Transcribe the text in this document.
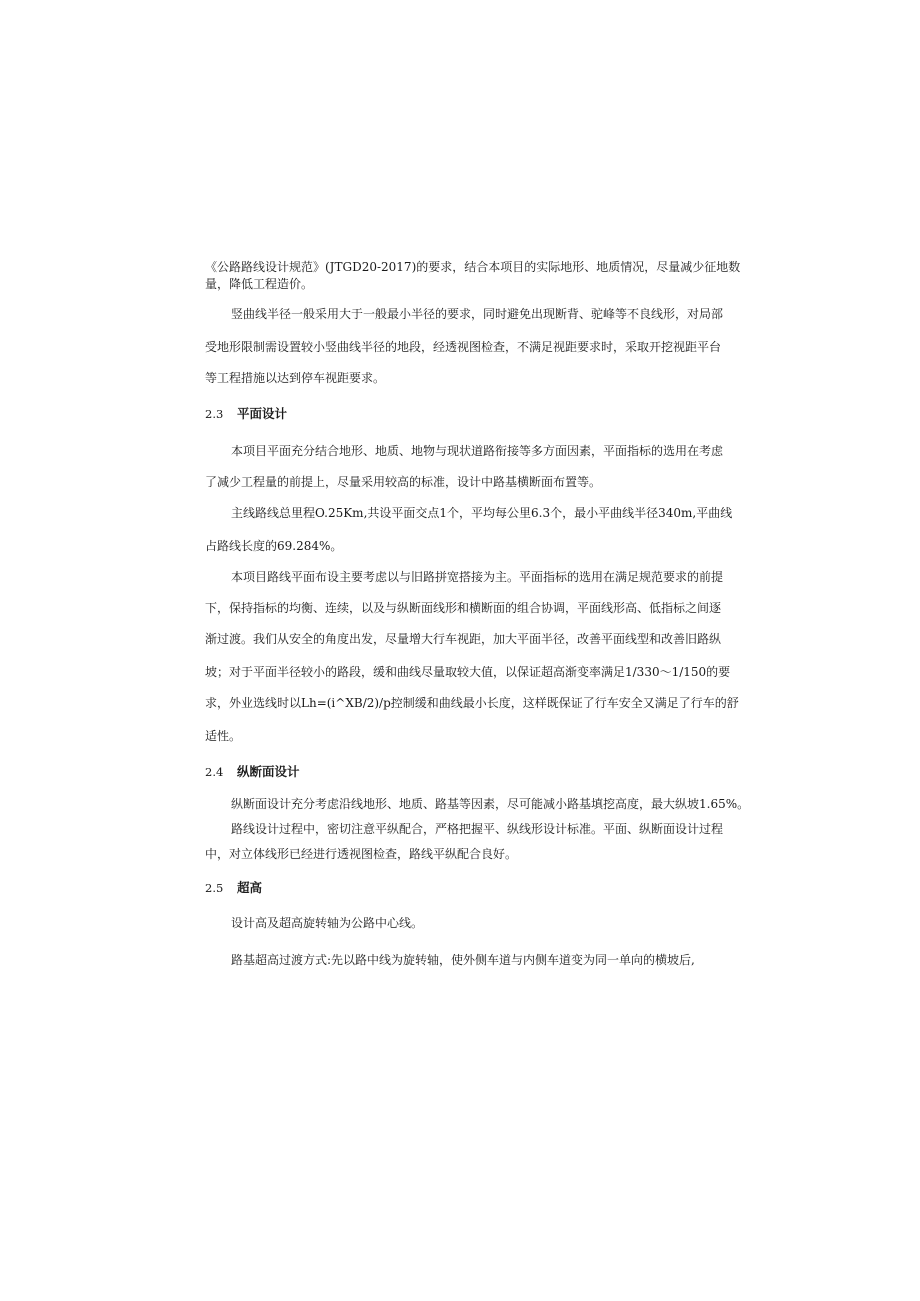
《公路路线设计规范》(JTGD20-2017)的要求，结合本项目的实际地形、地质情况，尽量减少征地数
量，降低工程造价。
竖曲线半径一般采用大于一般最小半径的要求，同时避免出现断背、驼峰等不良线形，对局部
受地形限制需设置较小竖曲线半径的地段，经透视图检查，不满足视距要求时，采取开挖视距平台
等工程措施以达到停车视距要求。
2.3 平面设计
本项目平面充分结合地形、地质、地物与现状道路衔接等多方面因素，平面指标的选用在考虑
了减少工程量的前提上，尽量采用较高的标准，设计中路基横断面布置等。
主线路线总里程O.25Km,共设平面交点1个，平均每公里6.3个，最小平曲线半径340m,平曲线
占路线长度的69.284%。
本项目路线平面布设主要考虑以与旧路拼宽搭接为主。平面指标的选用在满足规范要求的前提
下，保持指标的均衡、连续，以及与纵断面线形和横断面的组合协调，平面线形高、低指标之间逐
渐过渡。我们从安全的角度出发，尽量增大行车视距，加大平面半径，改善平面线型和改善旧路纵
坡；对于平面半径较小的路段，缓和曲线尽量取较大值，以保证超高渐变率满足1/330～1/150的要
求，外业选线时以Lh=(i^XB/2)/p控制缓和曲线最小长度，这样既保证了行车安全又满足了行车的舒
适性。
2.4 纵断面设计
纵断面设计充分考虑沿线地形、地质、路基等因素，尽可能减小路基填挖高度，最大纵坡1.65%。
路线设计过程中，密切注意平纵配合，严格把握平、纵线形设计标准。平面、纵断面设计过程
中，对立体线形已经进行透视图检查，路线平纵配合良好。
2.5 超高
设计高及超高旋转轴为公路中心线。
路基超高过渡方式:先以路中线为旋转轴，使外侧车道与内侧车道变为同一单向的横坡后,
